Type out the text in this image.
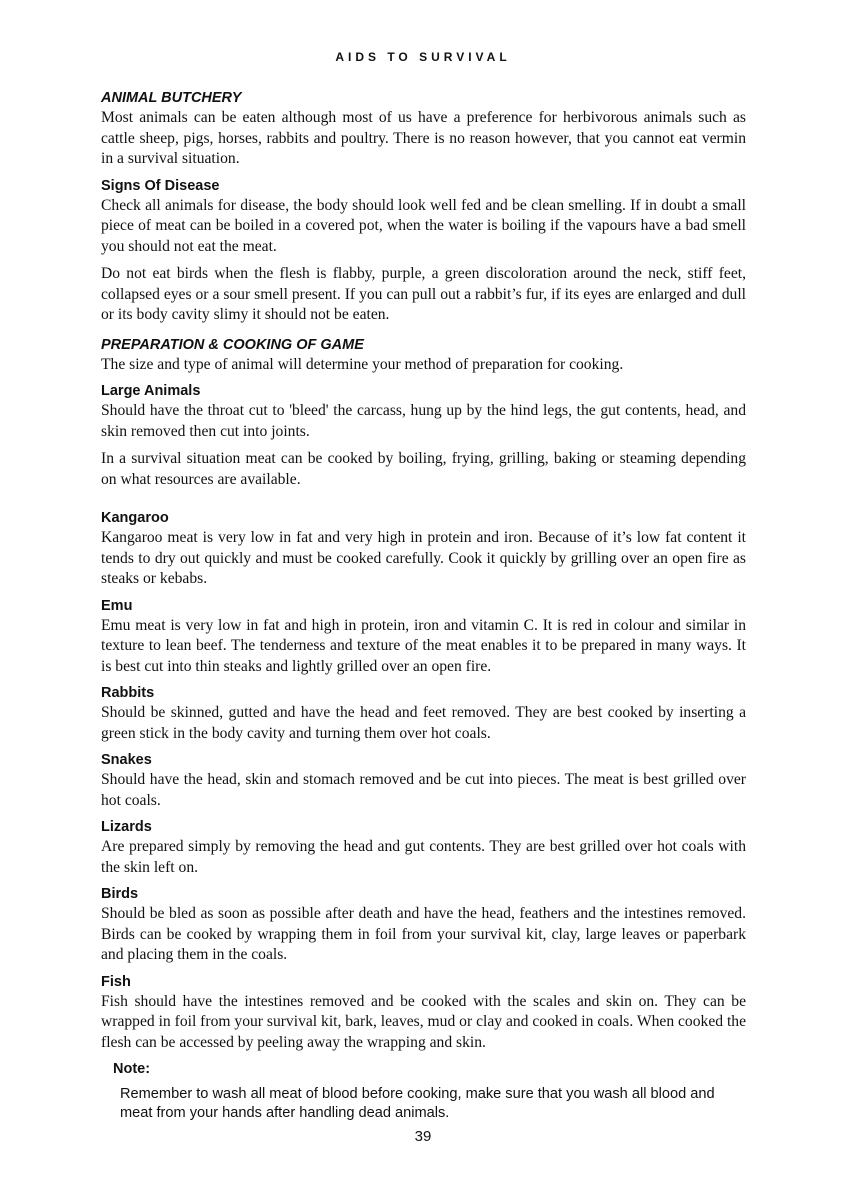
AIDS TO SURVIVAL
ANIMAL BUTCHERY

Most animals can be eaten although most of us have a preference for herbivorous animals such as cattle sheep, pigs, horses, rabbits and poultry. There is no reason however, that you cannot eat vermin in a survival situation.

Signs Of Disease

Check all animals for disease, the body should look well fed and be clean smelling. If in doubt a small piece of meat can be boiled in a covered pot, when the water is boiling if the vapours have a bad smell you should not eat the meat.

Do not eat birds when the flesh is flabby, purple, a green discoloration around the neck, stiff feet, collapsed eyes or a sour smell present. If you can pull out a rabbit’s fur, if its eyes are enlarged and dull or its body cavity slimy it should not be eaten.

PREPARATION & COOKING OF GAME

The size and type of animal will determine your method of preparation for cooking.

Large Animals

Should have the throat cut to 'bleed' the carcass, hung up by the hind legs, the gut contents, head, and skin removed then cut into joints.

In a survival situation meat can be cooked by boiling, frying, grilling, baking or steaming depending on what resources are available.

Kangaroo

Kangaroo meat is very low in fat and very high in protein and iron. Because of it’s low fat content it tends to dry out quickly and must be cooked carefully. Cook it quickly by grilling over an open fire as steaks or kebabs.

Emu

Emu meat is very low in fat and high in protein, iron and vitamin C. It is red in colour and similar in texture to lean beef. The tenderness and texture of the meat enables it to be prepared in many ways. It is best cut into thin steaks and lightly grilled over an open fire.

Rabbits

Should be skinned, gutted and have the head and feet removed. They are best cooked by inserting a green stick in the body cavity and turning them over hot coals.

Snakes

Should have the head, skin and stomach removed and be cut into pieces. The meat is best grilled over hot coals.

Lizards

Are prepared simply by removing the head and gut contents. They are best grilled over hot coals with the skin left on.

Birds

Should be bled as soon as possible after death and have the head, feathers and the intestines removed. Birds can be cooked by wrapping them in foil from your survival kit, clay, large leaves or paperbark and placing them in the coals.

Fish

Fish should have the intestines removed and be cooked with the scales and skin on. They can be wrapped in foil from your survival kit, bark, leaves, mud or clay and cooked in coals. When cooked the flesh can be accessed by peeling away the wrapping and skin.

Note:
Remember to wash all meat of blood before cooking, make sure that you wash all blood and meat from your hands after handling dead animals.
39
